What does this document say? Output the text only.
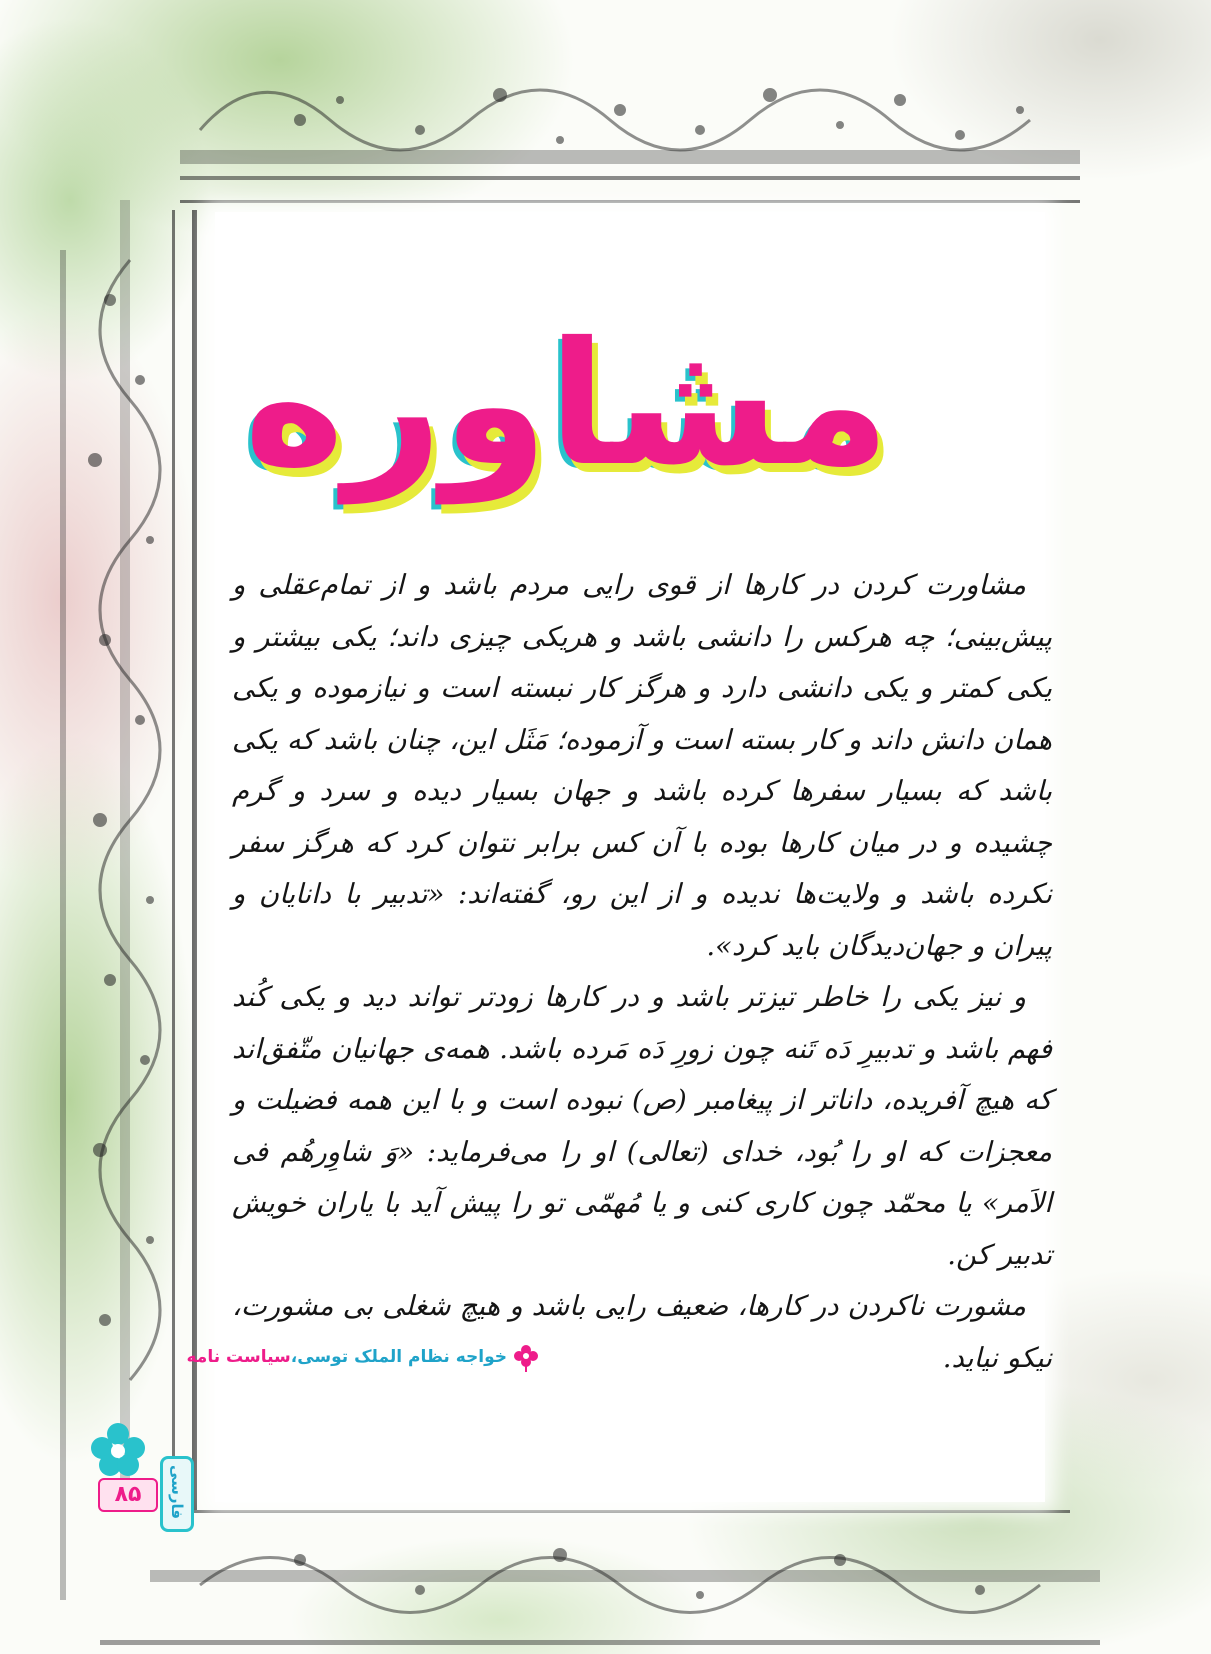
مشاوره

مشاورت کردن در کارها از قوی رایی مردم باشد و از تمام‌عقلی و پیش‌بینی؛ چه هرکس را دانشی باشد و هریکی چیزی داند؛ یکی بیشتر و یکی کمتر و یکی دانشی دارد و هرگز کار نبسته است و نیازموده و یکی همان دانش داند و کار بسته است و آزموده؛ مَثَل این، چنان باشد که یکی باشد که بسیار سفرها کرده باشد و جهان بسیار دیده و سرد و گرم چشیده و در میان کارها بوده با آن کس برابر نتوان کرد که هرگز سفر نکرده باشد و ولایت‌ها ندیده و از این رو، گفته‌اند: «تدبیر با دانایان و پیران و جهان‌دیدگان باید کرد».

و نیز یکی را خاطر تیزتر باشد و در کارها زودتر تواند دید و یکی کُند فهم باشد و تدبیرِ دَه تَنه چون زورِ دَه مَرده باشد. همه‌ی جهانیان متّفق‌اند که هیچ آفریده، داناتر از پیغامبر (ص) نبوده است و با این همه فضیلت و معجزات که او را بُود، خدای (تعالی) او را می‌فرماید: «وَ شاوِرهُم فی الاَمر» یا محمّد چون کاری کنی و یا مُهمّی تو را پیش آید با یاران خویش تدبیر کن.

مشورت ناکردن در کارها، ضعیف رایی باشد و هیچ شغلی بی مشورت، نیکو نیاید.

خواجه نظام الملک توسی
،
سیاست نامه
فارسی
۸۵
